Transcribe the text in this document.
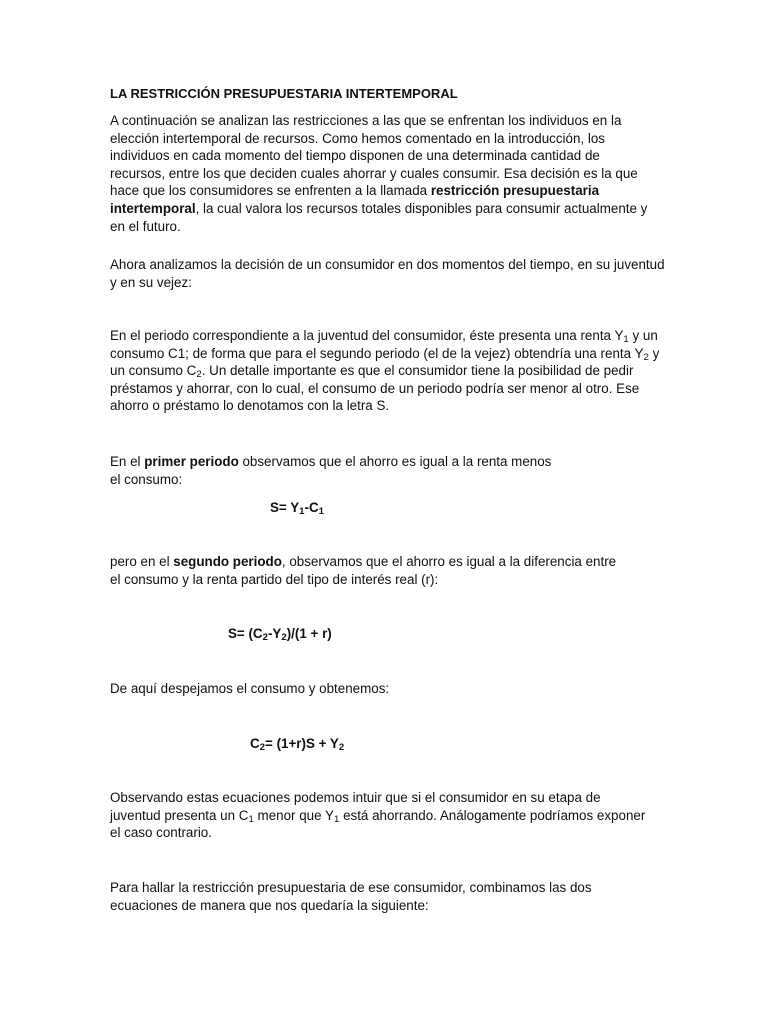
LA RESTRICCIÓN PRESUPUESTARIA INTERTEMPORAL

A continuación se analizan las restricciones a las que se enfrentan los individuos en la elección intertemporal de recursos. Como hemos comentado en la introducción, los individuos en cada momento del tiempo disponen de una determinada cantidad de recursos, entre los que deciden cuales ahorrar y cuales consumir. Esa decisión es la que hace que los consumidores se enfrenten a la llamada restricción presupuestaria intertemporal, la cual valora los recursos totales disponibles para consumir actualmente y en el futuro.

Ahora analizamos la decisión de un consumidor en dos momentos del tiempo, en su juventud y en su vejez:

En el periodo correspondiente a la juventud del consumidor, éste presenta una renta $Y_1$ y un consumo C1; de forma que para el segundo periodo (el de la vejez) obtendría una renta $Y_2$ y un consumo $C_2$. Un detalle importante es que el consumidor tiene la posibilidad de pedir préstamos y ahorrar, con lo cual, el consumo de un periodo podría ser menor al otro. Ese ahorro o préstamo lo denotamos con la letra S.

En el primer periodo observamos que el ahorro es igual a la renta menos el consumo:

$S= Y_1-C_1$

pero en el segundo periodo, observamos que el ahorro es igual a la diferencia entre el consumo y la renta partido del tipo de interés real (r):

$S= (C_2-Y_2)/(1 + r)$

De aquí despejamos el consumo y obtenemos:

$C_2= (1+r)S + Y_2$

Observando estas ecuaciones podemos intuir que si el consumidor en su etapa de juventud presenta un $C_1$ menor que $Y_1$ está ahorrando. Análogamente podríamos exponer el caso contrario.

Para hallar la restricción presupuestaria de ese consumidor, combinamos las dos ecuaciones de manera que nos quedaría la siguiente:
